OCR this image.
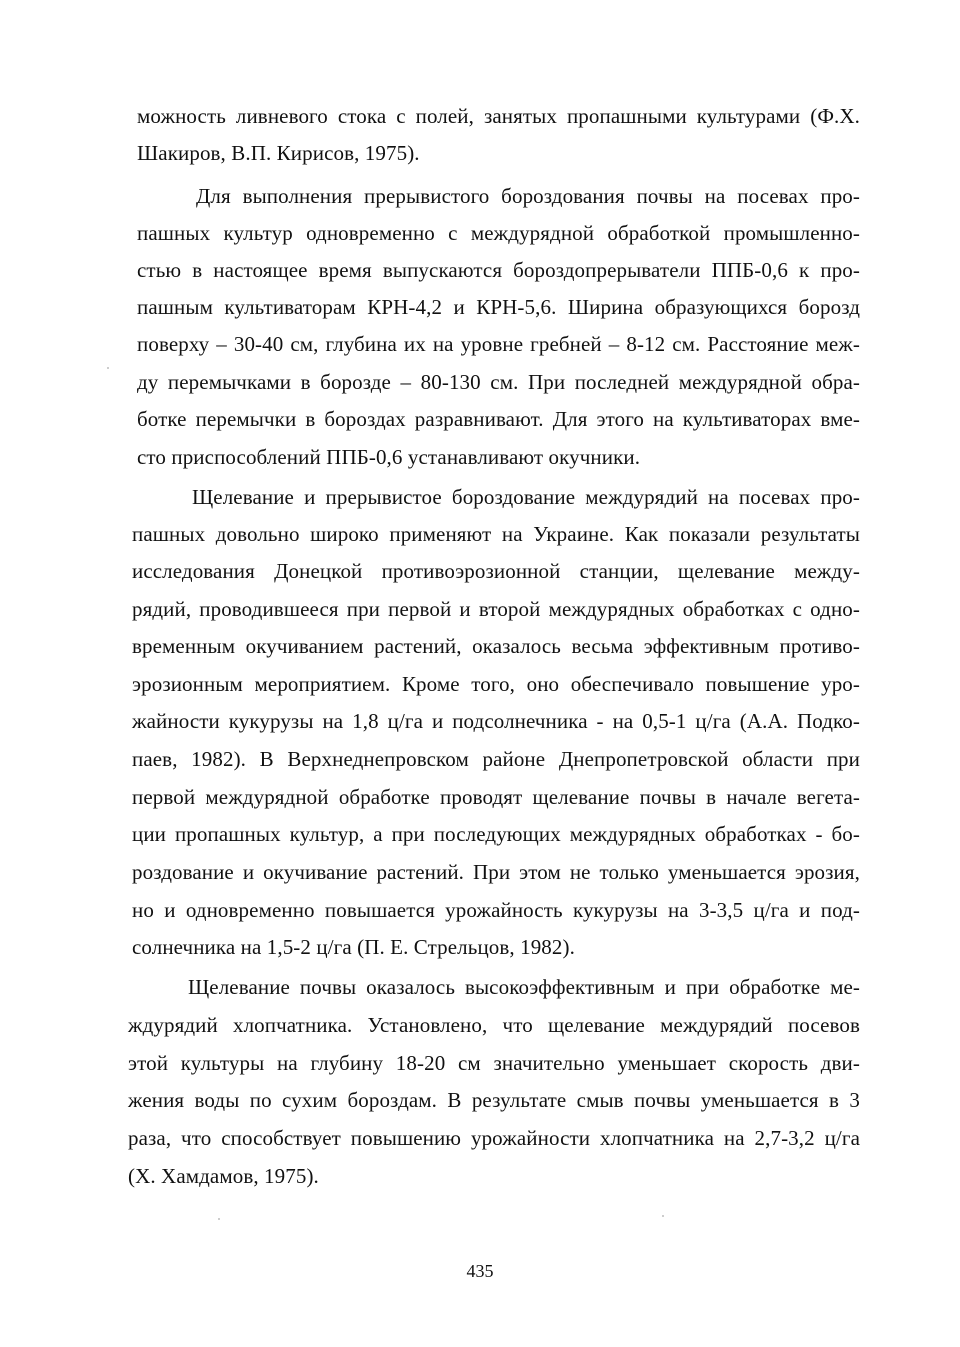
можность ливневого стока с полей, занятых пропашными культурами (Ф.Х.
Шакиров, В.П. Кирисов, 1975).
Для выполнения прерывистого бороздования почвы на посевах про-
пашных культур одновременно с междурядной обработкой промышленно-
стью в настоящее время выпускаются бороздопрерыватели ППБ-0,6 к про-
пашным культиваторам КРН-4,2 и КРН-5,6. Ширина образующихся борозд
поверху – 30-40 см, глубина их на уровне гребней – 8-12 см. Расстояние меж-
ду перемычками в борозде – 80-130 см. При последней междурядной обра-
ботке перемычки в бороздах разравнивают. Для этого на культиваторах вме-
сто приспособлений ППБ-0,6 устанавливают окучники.
Щелевание и прерывистое бороздование междурядий на посевах про-
пашных довольно широко применяют на Украине. Как показали результаты
исследования Донецкой противоэрозионной станции, щелевание между-
рядий, проводившееся при первой и второй междурядных обработках с одно-
временным окучиванием растений, оказалось весьма эффективным противо-
эрозионным мероприятием. Кроме того, оно обеспечивало повышение уро-
жайности кукурузы на 1,8 ц/га и подсолнечника - на 0,5-1 ц/га (А.А. Подко-
паев, 1982). В Верхнеднепровском районе Днепропетровской области при
первой междурядной обработке проводят щелевание почвы в начале вегета-
ции пропашных культур, а при последующих междурядных обработках - бо-
роздование и окучивание растений. При этом не только уменьшается эрозия,
но и одновременно повышается урожайность кукурузы на 3-3,5 ц/га и под-
солнечника на 1,5-2 ц/га (П. Е. Стрельцов, 1982).
Щелевание почвы оказалось высокоэффективным и при обработке ме-
ждурядий хлопчатника. Установлено, что щелевание междурядий посевов
этой культуры на глубину 18-20 см значительно уменьшает скорость дви-
жения воды по сухим бороздам. В результате смыв почвы уменьшается в 3
раза, что способствует повышению урожайности хлопчатника на 2,7-3,2 ц/га
(Х. Хамдамов, 1975).
435
